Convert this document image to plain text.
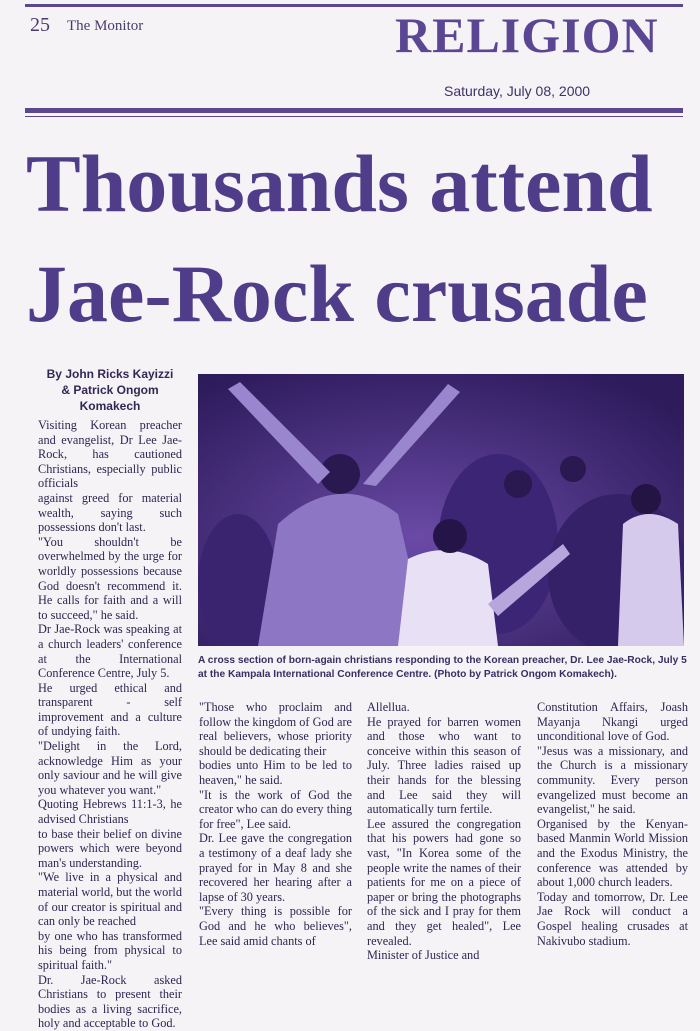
25 The Monitor	RELIGION
Saturday, July 08, 2000
Thousands attend
Jae-Rock crusade
By John Ricks Kayizzi
& Patrick Ongom
Komakech
A cross section of born-again christians responding to the Korean preacher, Dr. Lee Jae-Rock, July 5 at the Kampala International Conference Centre. (Photo by Patrick Ongom Komakech).

Visiting Korean preacher and evangelist, Dr Lee Jae-Rock, has cautioned Christians, especially public officials

against greed for material wealth, saying such possessions don't last.

"You shouldn't be overwhelmed by the urge for worldly possessions because God doesn't recommend it. He calls for faith and a will to succeed," he said.

Dr Jae-Rock was speaking at a church leaders' conference at the International Conference Centre, July 5.

He urged ethical and transparent - self improvement and a culture of undying faith.

"Delight in the Lord, acknowledge Him as your only saviour and he will give you whatever you want."

Quoting Hebrews 11:1-3, he advised Christians

to base their belief on divine powers which were beyond man's understanding.

"We live in a physical and material world, but the world of our creator is spiritual and can only be reached

by one who has transformed his being from physical to spiritual faith."

Dr. Jae-Rock asked Christians to present their bodies as a living sacrifice, holy and acceptable to God.

"Those who proclaim and follow the kingdom of God are real believers, whose priority should be dedicating their

bodies unto Him to be led to heaven," he said.

"It is the work of God the creator who can do every thing for free", Lee said.

Dr. Lee gave the congregation a testimony of a deaf lady she prayed for in May 8 and she recovered her hearing after a lapse of 30 years.

"Every thing is possible for God and he who believes", Lee said amid chants of

Allelluа.

He prayed for barren women and those who want to conceive within this season of July. Three ladies raised up their hands for the blessing and Lee said they will automatically turn fertile.

Lee assured the congregation that his powers had gone so vast, "In Korea some of the people write the names of their patients for me on a piece of paper or bring the photographs of the sick and I pray for them and they get healed", Lee revealed.

Minister of Justice and

Constitution Affairs, Joash Mayanja Nkangi urged unconditional love of God.

"Jesus was a missionary, and the Church is a missionary community. Every person evangelized must become an evangelist," he said.

Organised by the Kenyan-based Manmin World Mission and the Exodus Ministry, the conference was attended by about 1,000 church leaders.

Today and tomorrow, Dr. Lee Jae Rock will conduct a Gospel healing crusades at Nakivubo stadium.
